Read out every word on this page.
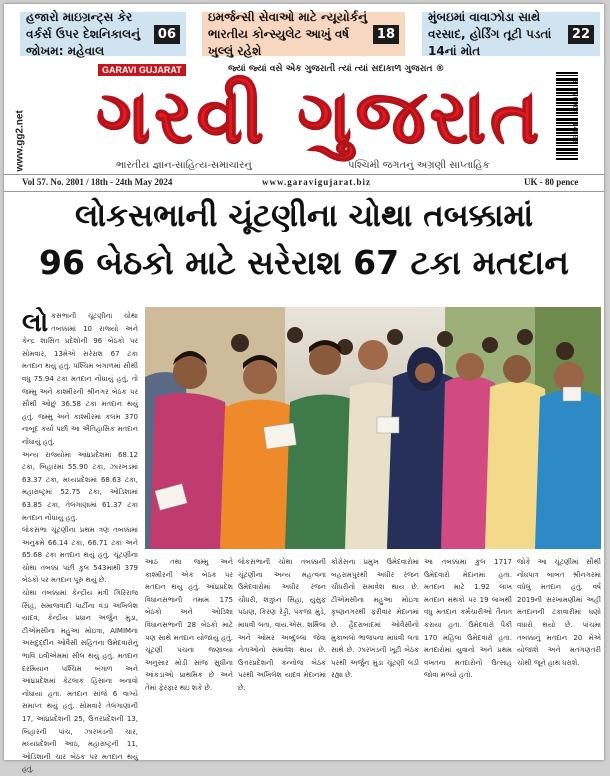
હજારો માઇગ્રન્ટ્સ કેર વર્કર્સ ઉપર દેશનિકાલનું જોખમ: મહેવાલ
06
ઇમર્જન્સી સેવાઓ માટે ન્યૂયોર્કનું ભારતીય કોન્સ્યુલેટ આખું વર્ષ ખુલ્લું રહેશે
18
મુંબઇમાં વાવાઝોડા સાથે વરસાદ, હોર્ડિંગ તૂટી પડતાં 14નાં મોત
22
www.gg2.net
GARAVI GUJARAT	જ્યાં જ્યાં વસે એક ગુજરાતી ત્યાં ત્યાં સદાકાળ ગુજરાત ®
ગરવી ગુજરાત
ભારતીય જ્ઞાન-સાહિત્ય-સમાચારનું	પશ્ચિમી જગતનું અગ્રણી સાપ્તાહિક
9 770964 714008
Vol 57. No. 2801 / 18th - 24th May 2024	www.garavigujarat.biz	UK - 80 pence
લોકસભાની ચૂંટણીના ચોથા તબક્કામાં
96 બેઠકો માટે સરેરાશ 67 ટકા મતદાન

લોકસભાની ચૂંટણીના ચોથા તબક્કામાં 10 રાજ્યો અને કેન્દ્ર શાસિત પ્રદેશોની 96 બેઠકો પર સોમવાર, 13મેએ સરેરાશ 67 ટકા મતદાન થયું હતું. પશ્ચિમ બંગાળમાં સૌથી વધુ 75.94 ટકા મતદાન નોંધાયું હતું, તો જમ્મુ અને કાશ્મીરની શ્રીનગર બેઠક પર સૌથી ઓછું 36.58 ટકા મતદાન થયું હતું. જમ્મુ અને કાશ્મીરમાં કલમ 370 નાબૂદ કર્યા પછી આ ઐતિહાસિક મતદાન નોંધાયું હતું.

અન્ય રાજ્યોમાં આંધ્રપ્રદેશમાં 68.12 ટકા, બિહારમાં 55.90 ટકા, ઝારખંડમાં 63.37 ટકા, મધ્યપ્રદેશમાં 68.63 ટકા, મહારાષ્ટ્રમાં 52.75 ટકા, ઓડિશામાં 63.85 ટકા, તેલંગાણામાં 61.37 ટકા મતદાન નોંધાયું હતું.

લોકસભા ચૂંટણીના પ્રથમ ત્રણ તબક્કામાં અનુક્રમે 66.14 ટકા, 66.71 ટકા અને 65.68 ટકા મતદાન થયું હતું. ચૂંટણીના ચોથા તબક્કા પછી કુલ 543માંથી 379 બેઠકો પર મતદાન પૂરું થયું છે.

ચોથા તબક્કામાં કેન્દ્રીય મંત્રી ગિરિરાજ સિંહ, સમાજવાદી પાર્ટીના વડા અખિલેશ યાદવ, કેન્દ્રીય પ્રધાન અર્જુન મુંડા, ટીએમસીના મહુઆ મોઇત્રા, AIMIMના અસદુદ્દીન ઓવૈસી સહિતના ઉમેદવારોનું ભાવિ ઇવીએમમાં સીલ થયું હતું. મતદાન દરમિયાન પશ્ચિમ બંગાળ અને આંધ્રપ્રદેશમાં કેટલાક હિંસાના બનાવો નોંધાયા હતા. મતદાન સાંજે 6 વાગ્યે સમાપ્ત થયું હતું. સોમવારે તેલંગાણાની 17, આંધ્રપ્રદેશની 25, ઉત્તરપ્રદેશની 13, બિહારની પાંચ, ઝારખંડની ચાર, મધ્યપ્રદેશની આઠ, મહારાષ્ટ્રની 11, ઓડિશાની ચાર બેઠક પર મતદાન થયું હતું.

આઠ તથા જમ્મુ અને કાશ્મીરની એક બેઠક પર મતદાન થયું હતું. આંધ્રપ્રદેશ વિધાનસભાની તમામ 175 બેઠકો અને ઓડિશા વિધાનસભાની 28 બેઠકો માટે પણ સાથે મતદાન યોજાયું હતું. ચૂંટણી પંચના જણાવ્યા અનુસાર મોડી સાંજ સુધીના આંકડાઓ પ્રાથમિક છે અને તેમાં ફેરફાર થઇ શકે છે.

લોકસભાની ચોથા તબક્કાની ચૂંટણીના અન્ય મહત્વના ઉમેદવારોમાં અધીર રંજન ચૌધરી, શત્રુઘ્ન સિંહા, યુસુફ પઠાણ, કિરણ રેડ્ડી, પંકજા મુંડે, માધવી લતા, વાય.એસ. શર્મિલા અને ઓમર અબ્દુલ્લા જેવા નેતાઓનો સમાવેશ થાય છે. ઉત્તરપ્રદેશની કન્નોજ બેઠક પરથી અખિલેશ યાદવ મેદાનમાં છે.

કોંગ્રેસના પ્રમુખ ઉમેદવારોમાં બહરામપુરથી અધીર રંજન ચૌધરીનો સમાવેશ થાય છે. ટીએમસીના મહુઆ મોઇત્રા કૃષ્ણનગરથી ફરીવાર મેદાનમાં છે. હૈદરાબાદમાં ઓવૈસીનો મુકાબલો ભાજપના માધવી લતા સાથે છે. ઝારખંડની ખૂંટી બેઠક પરથી અર્જુન મુંડા ચૂંટણી લડી રહ્યા છે.

આ તબક્કામાં કુલ 1717 ઉમેદવારો મેદાનમાં હતા. મતદાન માટે 1.92 લાખ મતદાન મથકો પર 19 લાખથી વધુ મતદાન કર્મચારીઓ તૈનાત કરાયા હતા. ઉમેદવારો પૈકી 170 મહિલા ઉમેદવારો હતા. મતદારોમાં યુવાનો અને પ્રથમ વખતના મતદારોનો ઉત્સાહ જોવા મળ્યો હતો.

જોકે આ ચૂંટણીમાં સૌથી નોંધપાત્ર બાબત શ્રીનગરમાં વધેલું મતદાન હતું. વર્ષ 2019ની સરખામણીમાં અહીં મતદાનની ટકાવારીમાં ઘણો વધારો થયો છે. પાંચમા તબક્કાનું મતદાન 20 મેએ યોજાશે અને મતગણતરી ચોથી જૂને હાથ ધરાશે.
